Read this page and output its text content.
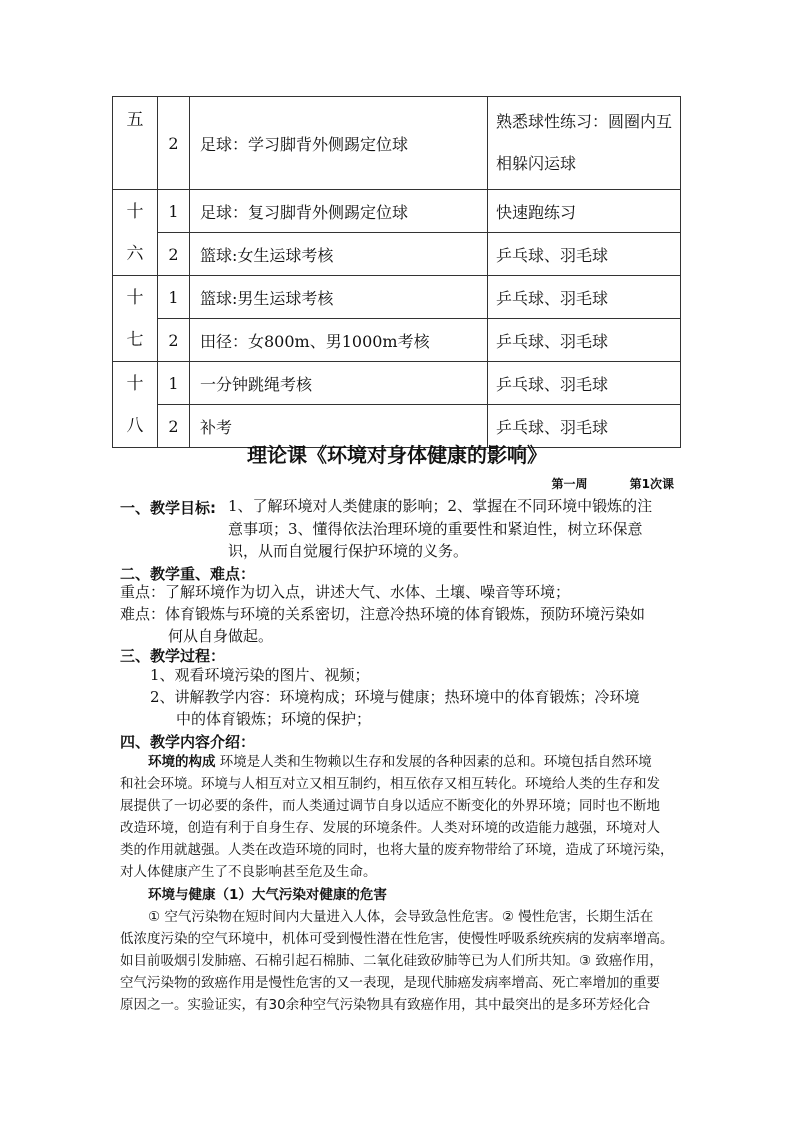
五	2	足球：学习脚背外侧踢定位球	熟悉球性练习：圆圈内互相躲闪运球

十
六	1	足球：复习脚背外侧踢定位球	快速跑练习
	2	篮球:女生运球考核	乒乓球、羽毛球

十
七	1	篮球:男生运球考核	乒乓球、羽毛球
	2	田径：女800m、男1000m考核	乒乓球、羽毛球

十
八	1	一分钟跳绳考核	乒乓球、羽毛球
	2	补考	乒乓球、羽毛球
理论课《环境对身体健康的影响》
第一周	第1次课
一、教学目标: 1、了解环境对人类健康的影响；2、掌握在不同环境中锻炼的注
意事项；3、懂得依法治理环境的重要性和紧迫性，树立环保意
识，从而自觉履行保护环境的义务。
二、教学重、难点：
重点：了解环境作为切入点，讲述大气、水体、土壤、噪音等环境；
难点：体育锻炼与环境的关系密切，注意冷热环境的体育锻炼，预防环境污染如
何从自身做起。
三、教学过程：
1、观看环境污染的图片、视频；
2、讲解教学内容：环境构成；环境与健康；热环境中的体育锻炼；冷环境
中的体育锻炼；环境的保护；
四、教学内容介绍：
环境的构成 环境是人类和生物赖以生存和发展的各种因素的总和。环境包括自然环境
和社会环境。环境与人相互对立又相互制约，相互依存又相互转化。环境给人类的生存和发
展提供了一切必要的条件，而人类通过调节自身以适应不断变化的外界环境；同时也不断地
改造环境，创造有利于自身生存、发展的环境条件。人类对环境的改造能力越强，环境对人
类的作用就越强。人类在改造环境的同时，也将大量的废弃物带给了环境，造成了环境污染，
对人体健康产生了不良影响甚至危及生命。
环境与健康（1）大气污染对健康的危害
① 空气污染物在短时间内大量进入人体，会导致急性危害。② 慢性危害，长期生活在
低浓度污染的空气环境中，机体可受到慢性潜在性危害，使慢性呼吸系统疾病的发病率增高。
如目前吸烟引发肺癌、石棉引起石棉肺、二氧化硅致矽肺等已为人们所共知。③ 致癌作用，
空气污染物的致癌作用是慢性危害的又一表现，是现代肺癌发病率增高、死亡率增加的重要
原因之一。实验证实，有30余种空气污染物具有致癌作用，其中最突出的是多环芳烃化合
